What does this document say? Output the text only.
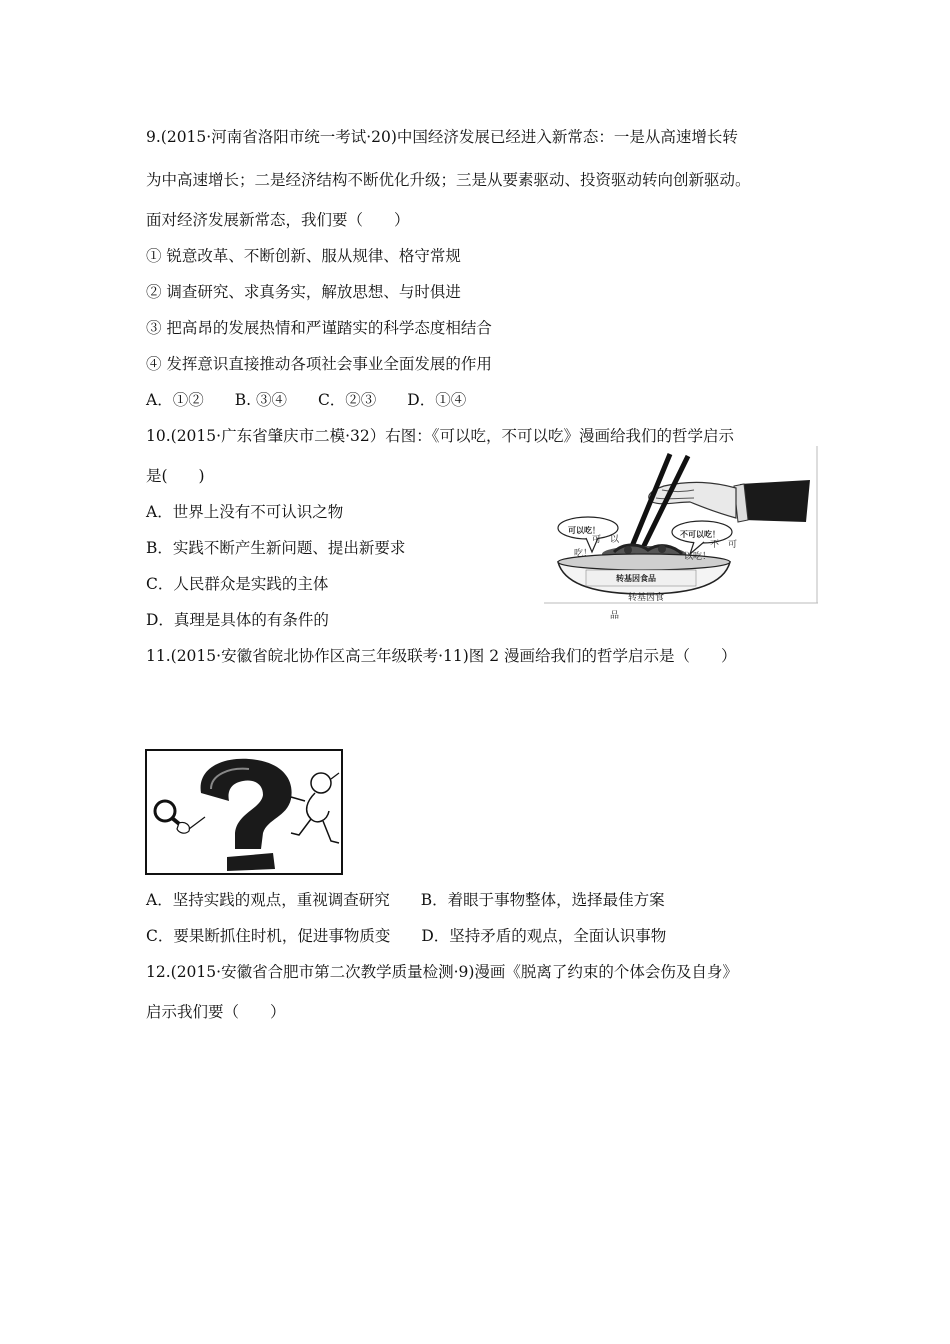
9.(2015·河南省洛阳市统一考试·20)中国经济发展已经进入新常态：一是从高速增长转
为中高速增长；二是经济结构不断优化升级；三是从要素驱动、投资驱动转向创新驱动。
面对经济发展新常态，我们要（　　）
① 锐意改革、不断创新、服从规律、格守常规
② 调查研究、求真务实，解放思想、与时俱进
③ 把高昂的发展热情和严谨踏实的科学态度相结合
④ 发挥意识直接推动各项社会事业全面发展的作用
A．①②　　B. ③④　　C．②③　　D．①④
10.(2015·广东省肇庆市二模·32）右图：《可以吃，不可以吃》漫画给我们的哲学启示
是(　　)
A．世界上没有不可认识之物
B．实践不断产生新问题、提出新要求
C．人民群众是实践的主体
D．真理是具体的有条件的
可以吃！	不可以吃！
转基因食品
可　以
吃！
不　可
以吃！
转基因食
品
11.(2015·安徽省皖北协作区高三年级联考·11)图 2 漫画给我们的哲学启示是（　　）
A．坚持实践的观点，重视调查研究　　B．着眼于事物整体，选择最佳方案
C．要果断抓住时机，促进事物质变　　D．坚持矛盾的观点，全面认识事物
12.(2015·安徽省合肥市第二次教学质量检测·9)漫画《脱离了约束的个体会伤及自身》
启示我们要（　　）
